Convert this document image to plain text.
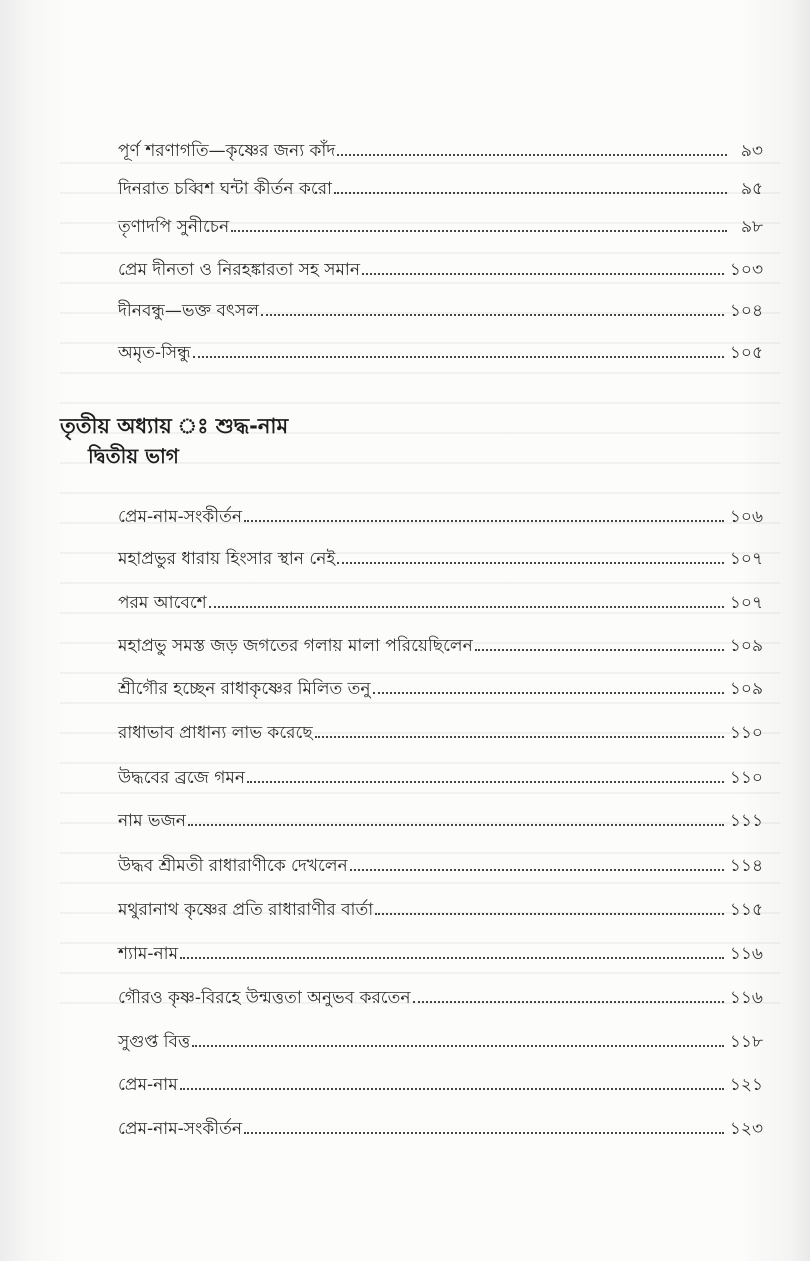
পূর্ণ শরণাগতি—কৃষ্ণের জন্য কাঁদ	৯৩
দিনরাত চব্বিশ ঘন্টা কীর্তন করো	৯৫
তৃণাদপি সুনীচেন	৯৮
প্রেম দীনতা ও নিরহঙ্কারতা সহ সমান	১০৩
দীনবন্ধু—ভক্ত বৎসল	১০৪
অমৃত-সিন্ধু	১০৫
তৃতীয় অধ্যায় ঃ শুদ্ধ-নাম
দ্বিতীয় ভাগ
প্রেম-নাম-সংকীর্তন	১০৬
মহাপ্রভুর ধারায় হিংসার স্থান নেই	১০৭
পরম আবেশে	১০৭
মহাপ্রভু সমস্ত জড় জগতের গলায় মালা পরিয়েছিলেন	১০৯
শ্রীগৌর হচ্ছেন রাধাকৃষ্ণের মিলিত তনু	১০৯
রাধাভাব প্রাধান্য লাভ করেছে	১১০
উদ্ধবের ব্রজে গমন	১১০
নাম ভজন	১১১
উদ্ধব শ্রীমতী রাধারাণীকে দেখলেন	১১৪
মথুরানাথ কৃষ্ণের প্রতি রাধারাণীর বার্তা	১১৫
শ্যাম-নাম	১১৬
গৌরও কৃষ্ণ-বিরহে উন্মত্ততা অনুভব করতেন	১১৬
সুগুপ্ত বিত্ত	১১৮
প্রেম-নাম	১২১
প্রেম-নাম-সংকীর্তন	১২৩
